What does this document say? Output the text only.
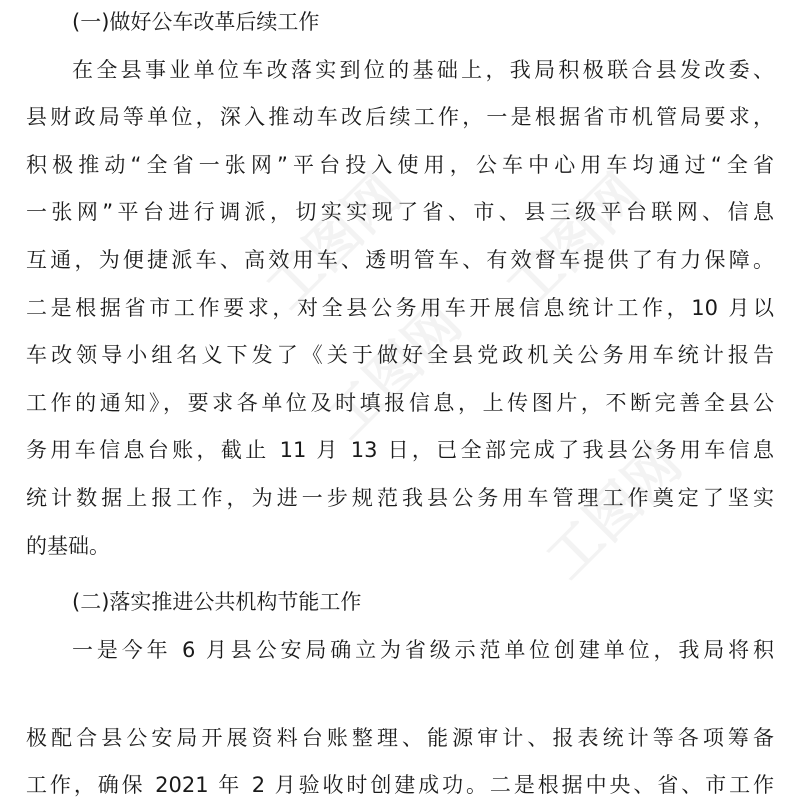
(一)做好公车改革后续工作
在全县事业单位车改落实到位的基础上，我局积极联合县发改委、
县财政局等单位，深入推动车改后续工作，一是根据省市机管局要求，
积极推动“全省一张网”平台投入使用，公车中心用车均通过“全省
一张网”平台进行调派，切实实现了省、市、县三级平台联网、信息
互通，为便捷派车、高效用车、透明管车、有效督车提供了有力保障。
二是根据省市工作要求，对全县公务用车开展信息统计工作，10 月以
车改领导小组名义下发了《关于做好全县党政机关公务用车统计报告
工作的通知》，要求各单位及时填报信息，上传图片，不断完善全县公
务用车信息台账，截止 11 月 13 日，已全部完成了我县公务用车信息
统计数据上报工作，为进一步规范我县公务用车管理工作奠定了坚实
的基础。
(二)落实推进公共机构节能工作
一是今年 6 月县公安局确立为省级示范单位创建单位，我局将积
极配合县公安局开展资料台账整理、能源审计、报表统计等各项筹备
工作，确保 2021 年 2 月验收时创建成功。二是根据中央、省、市工作
工图网 工图网
工图网
工图网
